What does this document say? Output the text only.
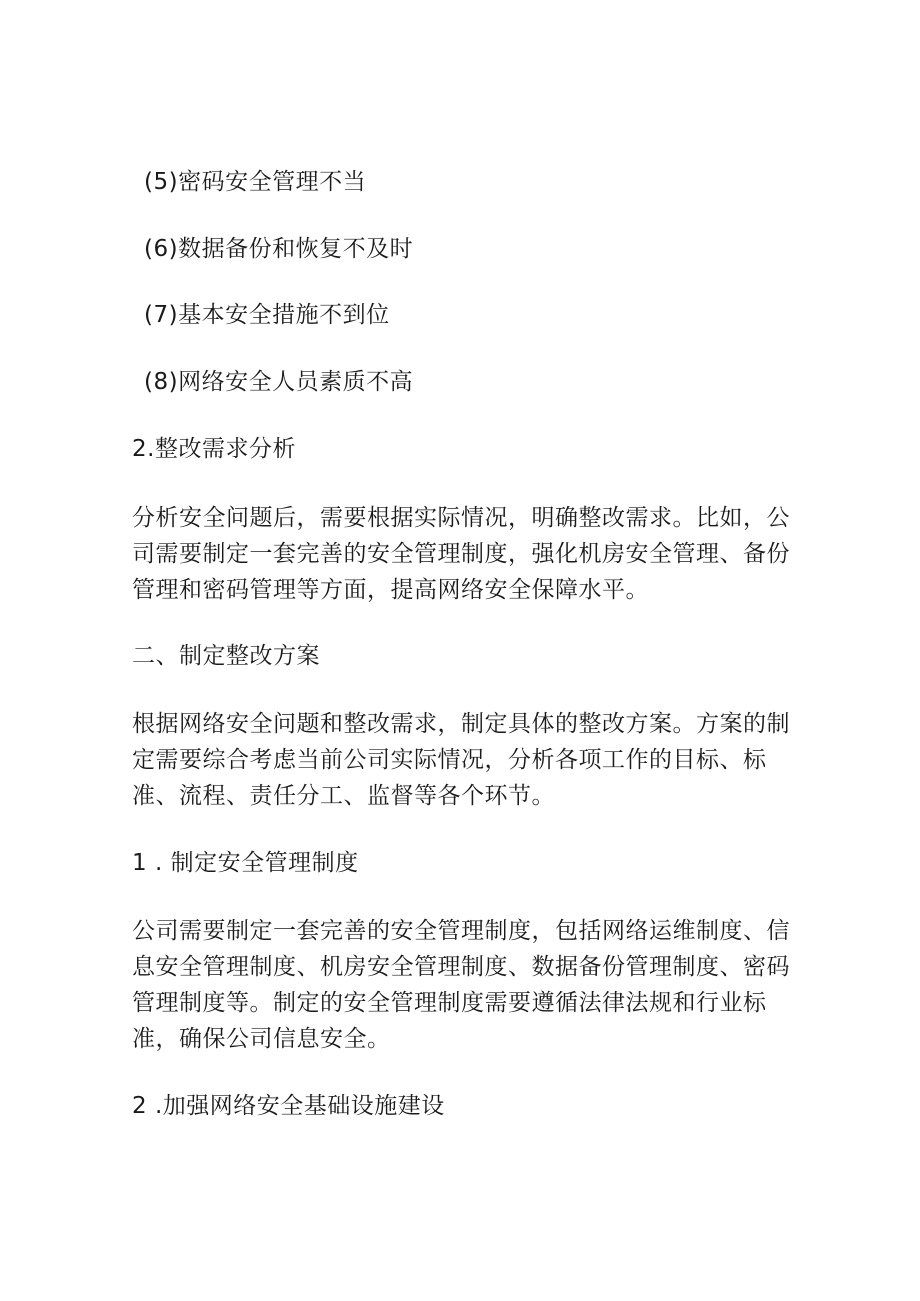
(5)密码安全管理不当
(6)数据备份和恢复不及时
(7)基本安全措施不到位
(8)网络安全人员素质不高
2.整改需求分析
分析安全问题后，需要根据实际情况，明确整改需求。比如，公
司需要制定一套完善的安全管理制度，强化机房安全管理、备份
管理和密码管理等方面，提高网络安全保障水平。
二、制定整改方案
根据网络安全问题和整改需求，制定具体的整改方案。方案的制
定需要综合考虑当前公司实际情况，分析各项工作的目标、标
准、流程、责任分工、监督等各个环节。
1 . 制定安全管理制度
公司需要制定一套完善的安全管理制度，包括网络运维制度、信
息安全管理制度、机房安全管理制度、数据备份管理制度、密码
管理制度等。制定的安全管理制度需要遵循法律法规和行业标
准，确保公司信息安全。
2 .加强网络安全基础设施建设
